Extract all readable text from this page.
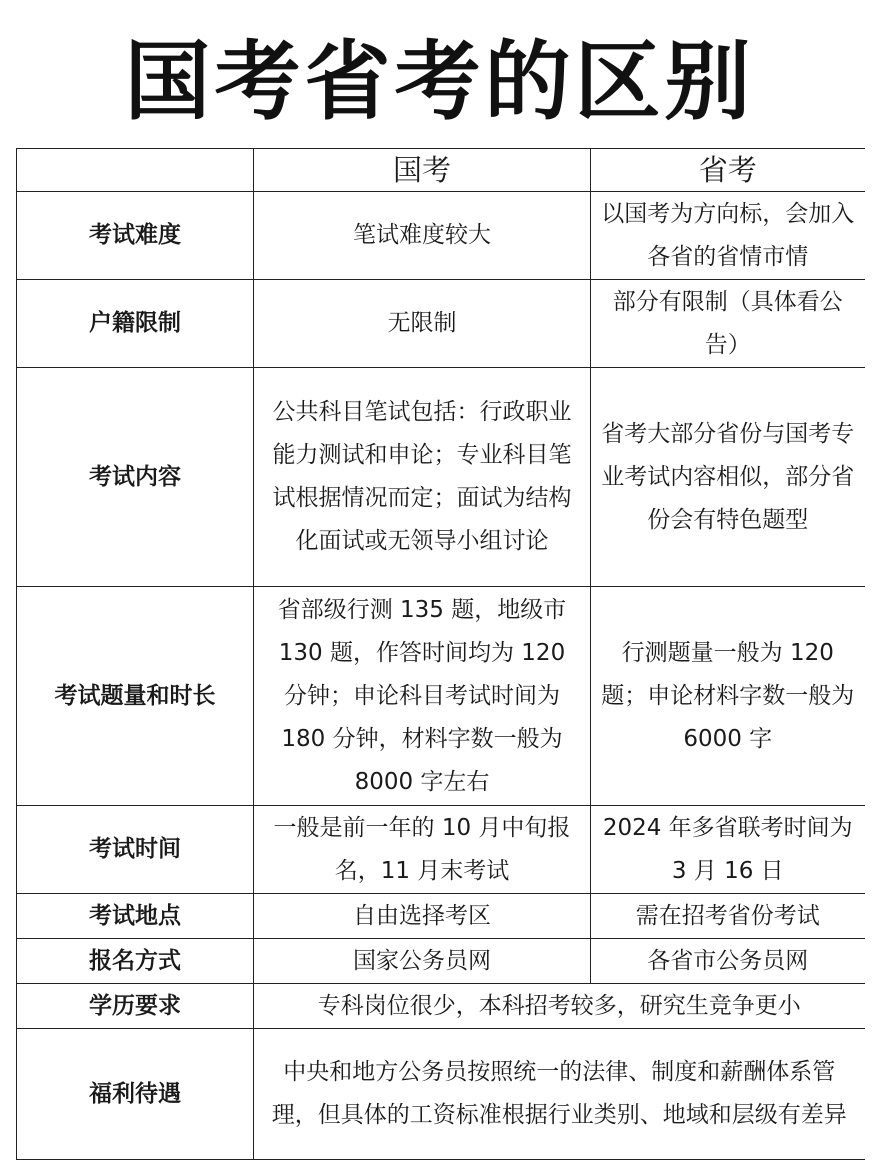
国考省考的区别
	国考	省考
考试难度	笔试难度较大	以国考为方向标，会加入各省的省情市情
户籍限制	无限制	部分有限制（具体看公告）
考试内容	公共科目笔试包括：行政职业能力测试和申论；专业科目笔试根据情况而定；面试为结构化面试或无领导小组讨论	省考大部分省份与国考专业考试内容相似，部分省份会有特色题型
考试题量和时长	省部级行测 135 题，地级市 130 题，作答时间均为 120 分钟；申论科目考试时间为 180 分钟，材料字数一般为 8000 字左右	行测题量一般为 120 题；申论材料字数一般为 6000 字
考试时间	一般是前一年的 10 月中旬报名，11 月末考试	2024 年多省联考时间为 3 月 16 日
考试地点	自由选择考区	需在招考省份考试
报名方式	国家公务员网	各省市公务员网
学历要求	专科岗位很少，本科招考较多，研究生竞争更小	
福利待遇	中央和地方公务员按照统一的法律、制度和薪酬体系管理，但具体的工资标准根据行业类别、地域和层级有差异	
